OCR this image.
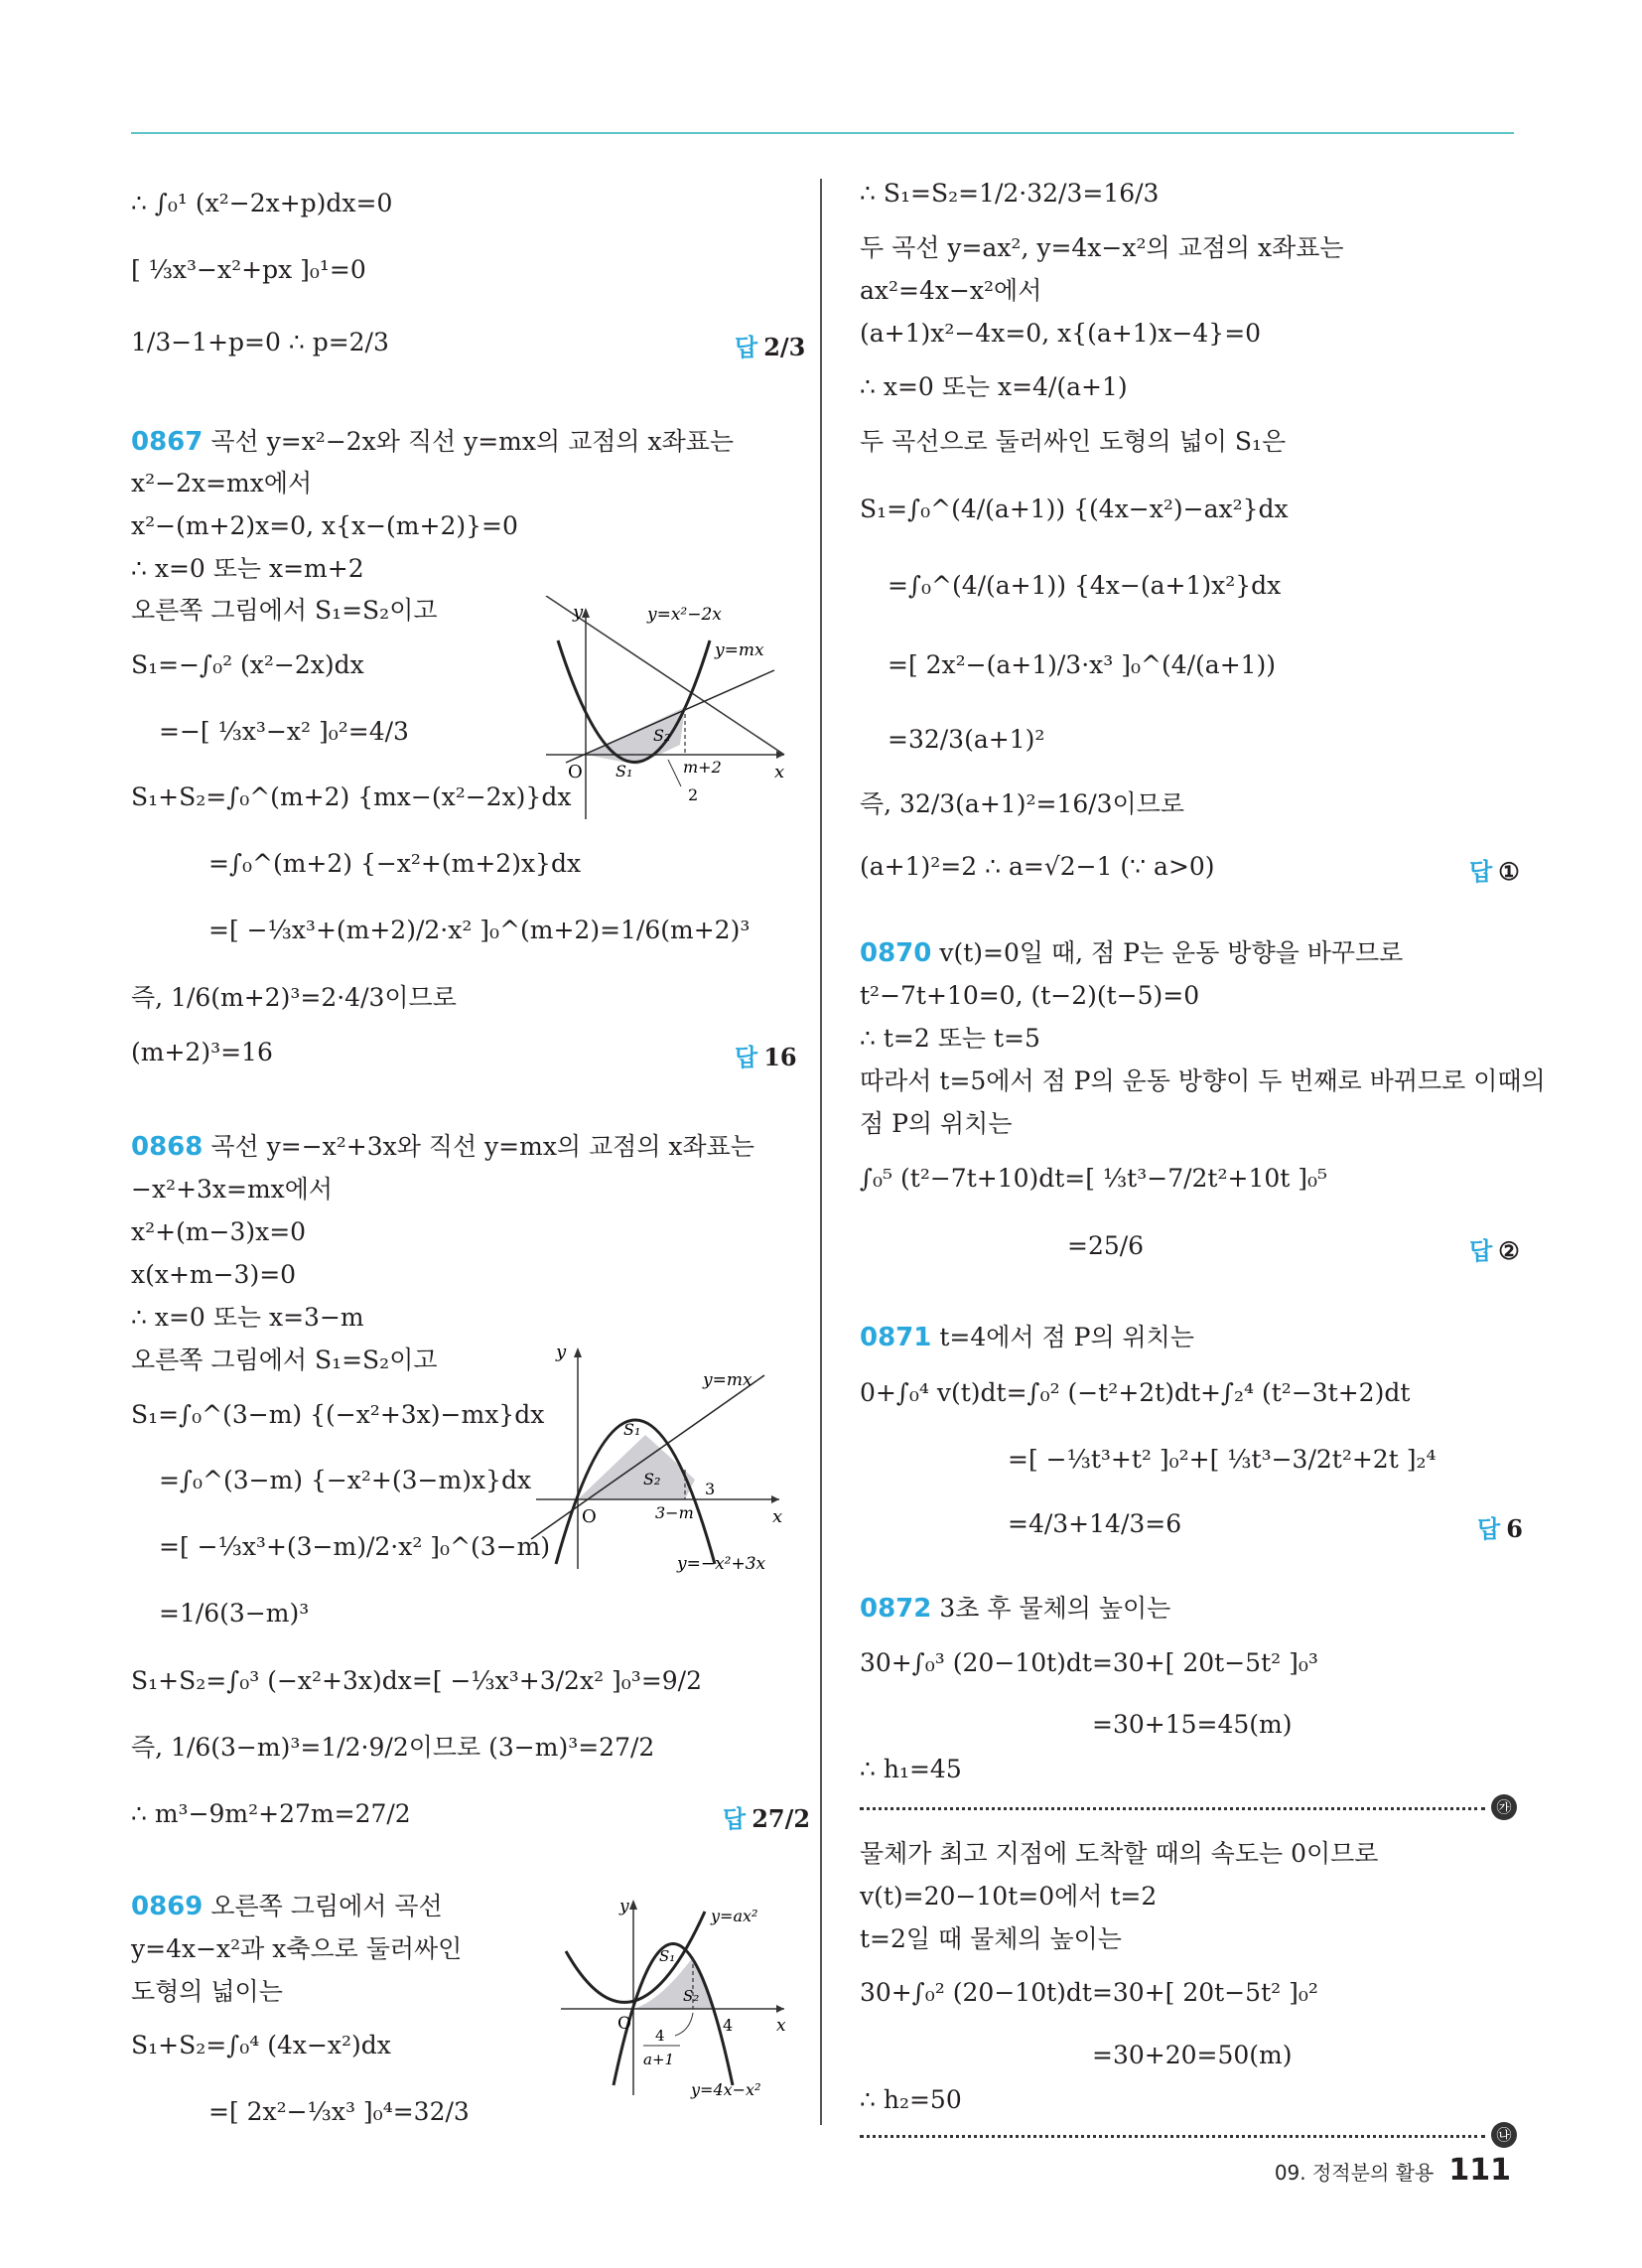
∴ ∫₀¹ (x²−2x+p)dx=0
[ ⅓x³−x²+px ]₀¹=0
1/3−1+p=0 ∴ p=2/3	답 2/3
0867 곡선 y=x²−2x와 직선 y=mx의 교점의 x좌표는
x²−2x=mx에서
x²−(m+2)x=0, x{x−(m+2)}=0
∴ x=0 또는 x=m+2
오른쪽 그림에서 S₁=S₂이고
S₁=−∫₀² (x²−2x)dx
=−[ ⅓x³−x² ]₀²=4/3
S₁+S₂=∫₀^(m+2) {mx−(x²−2x)}dx
=∫₀^(m+2) {−x²+(m+2)x}dx
=[ −⅓x³+(m+2)/2·x² ]₀^(m+2)=1/6(m+2)³
즉, 1/6(m+2)³=2·4/3이므로
(m+2)³=16	답 16
0868 곡선 y=−x²+3x와 직선 y=mx의 교점의 x좌표는
−x²+3x=mx에서
x²+(m−3)x=0
x(x+m−3)=0
∴ x=0 또는 x=3−m
오른쪽 그림에서 S₁=S₂이고
S₁=∫₀^(3−m) {(−x²+3x)−mx}dx
=∫₀^(3−m) {−x²+(3−m)x}dx
=[ −⅓x³+(3−m)/2·x² ]₀^(3−m)
=1/6(3−m)³
S₁+S₂=∫₀³ (−x²+3x)dx=[ −⅓x³+3/2x² ]₀³=9/2
즉, 1/6(3−m)³=1/2·9/2이므로 (3−m)³=27/2
∴ m³−9m²+27m=27/2	답 27/2
0869 오른쪽 그림에서 곡선
y=4x−x²과 x축으로 둘러싸인
도형의 넓이는
S₁+S₂=∫₀⁴ (4x−x²)dx
=[ 2x²−⅓x³ ]₀⁴=32/3
y
x
O
y=x²−2x
y=mx
S₁
S₂
m+2
2
y
x
O
y=mx
y=−x²+3x
S₁
S₂
3
3−m
y
x
O
y=ax²
y=4x−x²
S₁
S₂
4
4
a+1
∴ S₁=S₂=1/2·32/3=16/3
두 곡선 y=ax², y=4x−x²의 교점의 x좌표는
ax²=4x−x²에서
(a+1)x²−4x=0, x{(a+1)x−4}=0
∴ x=0 또는 x=4/(a+1)
두 곡선으로 둘러싸인 도형의 넓이 S₁은
S₁=∫₀^(4/(a+1)) {(4x−x²)−ax²}dx
=∫₀^(4/(a+1)) {4x−(a+1)x²}dx
=[ 2x²−(a+1)/3·x³ ]₀^(4/(a+1))
=32/3(a+1)²
즉, 32/3(a+1)²=16/3이므로
(a+1)²=2 ∴ a=√2−1 (∵ a>0)	답 ①
0870 v(t)=0일 때, 점 P는 운동 방향을 바꾸므로
t²−7t+10=0, (t−2)(t−5)=0
∴ t=2 또는 t=5
따라서 t=5에서 점 P의 운동 방향이 두 번째로 바뀌므로 이때의
점 P의 위치는
∫₀⁵ (t²−7t+10)dt=[ ⅓t³−7/2t²+10t ]₀⁵
=25/6	답 ②
0871 t=4에서 점 P의 위치는
0+∫₀⁴ v(t)dt=∫₀² (−t²+2t)dt+∫₂⁴ (t²−3t+2)dt
=[ −⅓t³+t² ]₀²+[ ⅓t³−3/2t²+2t ]₂⁴
=4/3+14/3=6	답 6
0872 3초 후 물체의 높이는
30+∫₀³ (20−10t)dt=30+[ 20t−5t² ]₀³
=30+15=45(m)
∴ h₁=45
㉮
물체가 최고 지점에 도착할 때의 속도는 0이므로
v(t)=20−10t=0에서 t=2
t=2일 때 물체의 높이는
30+∫₀² (20−10t)dt=30+[ 20t−5t² ]₀²
=30+20=50(m)
∴ h₂=50
㉯
09. 정적분의 활용 111
